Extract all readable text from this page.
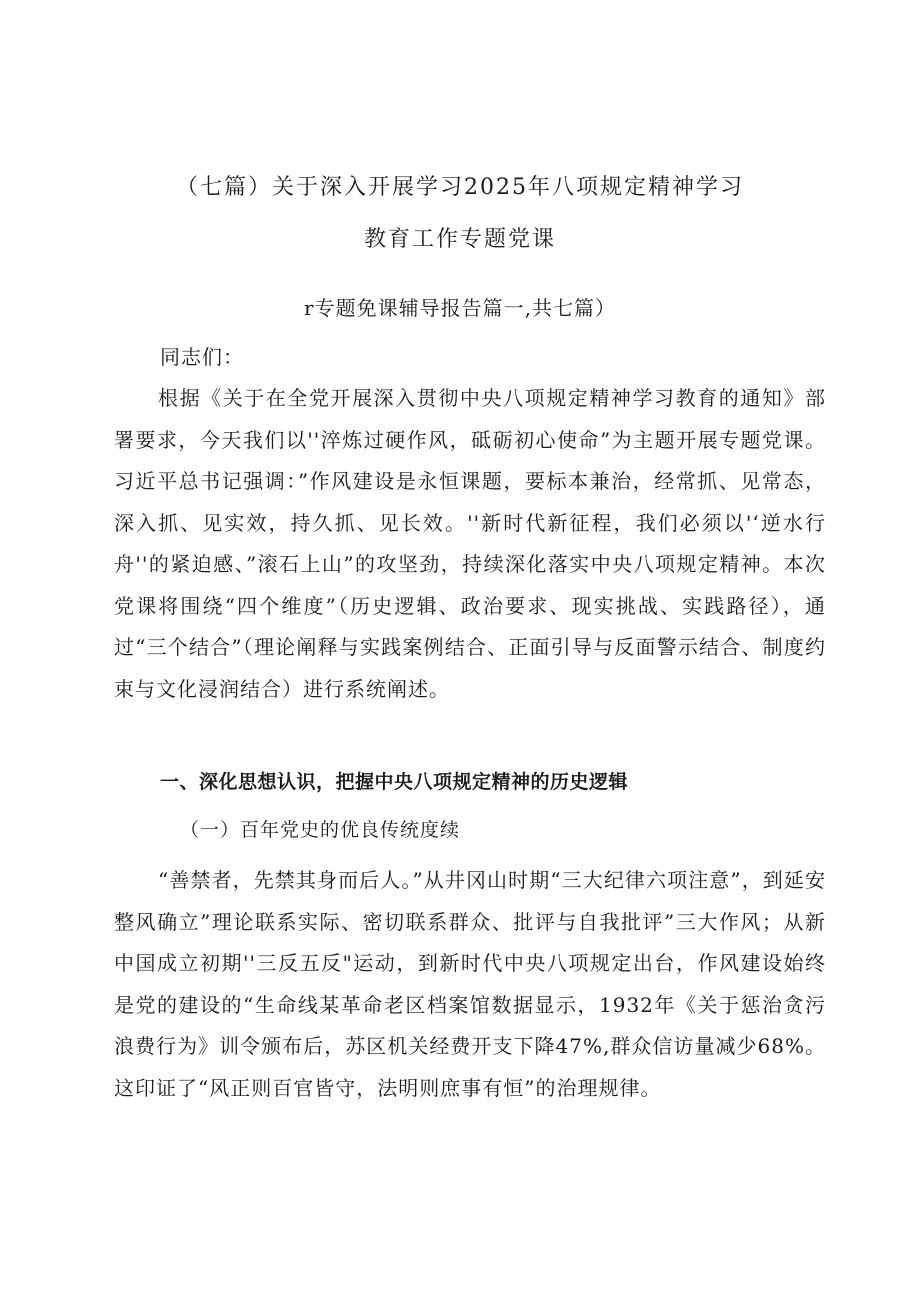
（七篇）关于深入开展学习2025年八项规定精神学习
教育工作专题党课
r专题免课辅导报告篇一,共七篇）
同志们：
根据《关于在全党开展深入贯彻中央八项规定精神学习教育的通知》部署要求，今天我们以''淬炼过硬作风，砥砺初心使命”为主题开展专题党课。习近平总书记强调：”作风建设是永恒课题，要标本兼治，经常抓、见常态，深入抓、见实效，持久抓、见长效。''新时代新征程，我们必须以'‘逆水行舟''的紧迫感、”滚石上山”的攻坚劲，持续深化落实中央八项规定精神。本次党课将围绕“四个维度”（历史逻辑、政治要求、现实挑战、实践路径），通过“三个结合”（理论阐释与实践案例结合、正面引导与反面警示结合、制度约束与文化浸润结合）进行系统阐述。
一、深化思想认识，把握中央八项规定精神的历史逻辑
（一）百年党史的优良传统度续
“善禁者，先禁其身而后人。”从井冈山时期“三大纪律六项注意”，到延安整风确立”理论联系实际、密切联系群众、批评与自我批评”三大作风；从新中国成立初期''三反五反"运动，到新时代中央八项规定出台，作风建设始终是党的建设的“生命线某革命老区档案馆数据显示，1932年《关于惩治贪污浪费行为》训令颁布后，苏区机关经费开支下降47%,群众信访量减少68%。这印证了“风正则百官皆守，法明则庶事有恒”的治理规律。
